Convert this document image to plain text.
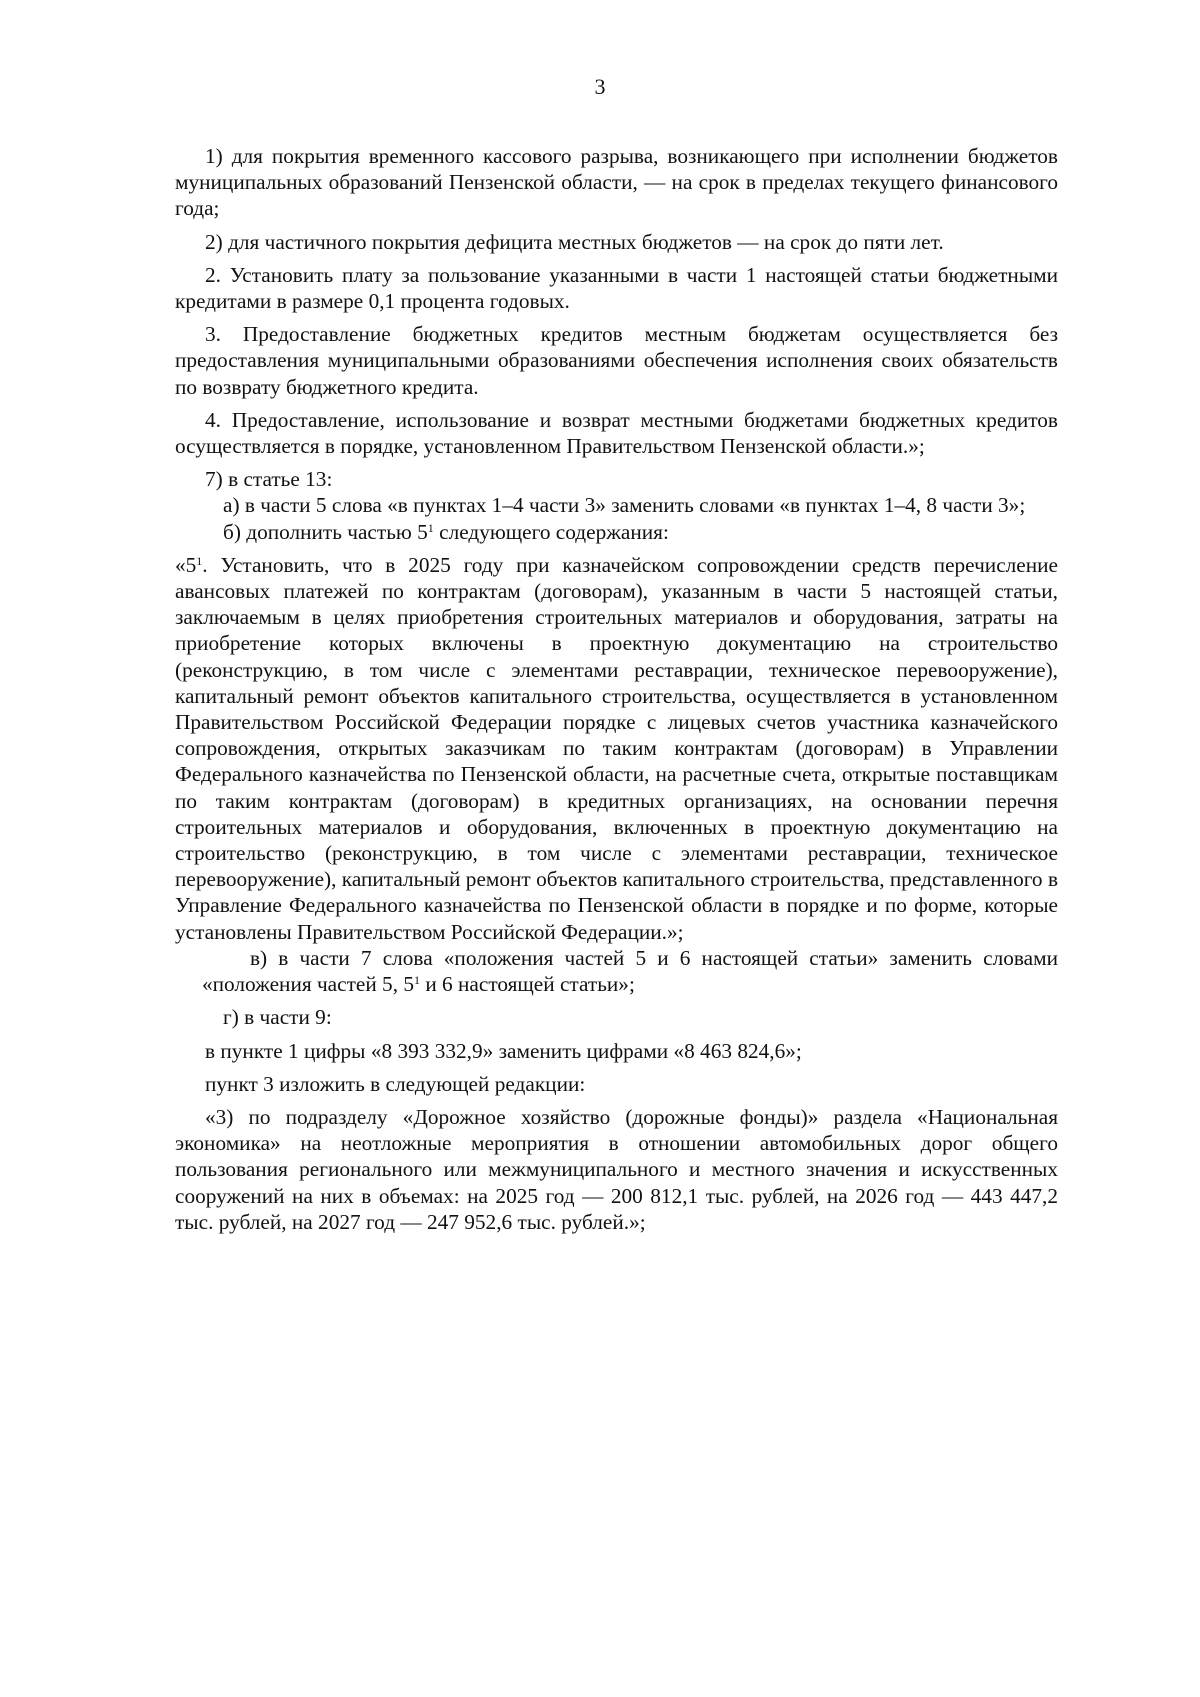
3

1) для покрытия временного кассового разрыва, возникающего при исполнении бюджетов муниципальных образований Пензенской области, — на срок в пределах текущего финансового года;

2) для частичного покрытия дефицита местных бюджетов — на срок до пяти лет.

2. Установить плату за пользование указанными в части 1 настоящей статьи бюджетными кредитами в размере 0,1 процента годовых.

3. Предоставление бюджетных кредитов местным бюджетам осуществляется без предоставления муниципальными образованиями обеспечения исполнения своих обязательств по возврату бюджетного кредита.

4. Предоставление, использование и возврат местными бюджетами бюджетных кредитов осуществляется в порядке, установленном Правительством Пензенской области.»;

7) в статье 13:

а) в части 5 слова «в пунктах 1–4 части 3» заменить словами «в пунктах 1–4, 8 части 3»;

б) дополнить частью $5^1$ следующего содержания:

«$5^1$. Установить, что в 2025 году при казначейском сопровождении средств перечисление авансовых платежей по контрактам (договорам), указанным в части 5 настоящей статьи, заключаемым в целях приобретения строительных материалов и оборудования, затраты на приобретение которых включены в проектную документацию на строительство (реконструкцию, в том числе с элементами реставрации, техническое перевооружение), капитальный ремонт объектов капитального строительства, осуществляется в установленном Правительством Российской Федерации порядке с лицевых счетов участника казначейского сопровождения, открытых заказчикам по таким контрактам (договорам) в Управлении Федерального казначейства по Пензенской области, на расчетные счета, открытые поставщикам по таким контрактам (договорам) в кредитных организациях, на основании перечня строительных материалов и оборудования, включенных в проектную документацию на строительство (реконструкцию, в том числе с элементами реставрации, техническое перевооружение), капитальный ремонт объектов капитального строительства, представленного в Управление Федерального казначейства по Пензенской области в порядке и по форме, которые установлены Правительством Российской Федерации.»;

в) в части 7 слова «положения частей 5 и 6 настоящей статьи» заменить словами «положения частей 5, $5^1$ и 6 настоящей статьи»;

г) в части 9:

в пункте 1 цифры «8 393 332,9» заменить цифрами «8 463 824,6»;

пункт 3 изложить в следующей редакции:

«3) по подразделу «Дорожное хозяйство (дорожные фонды)» раздела «Национальная экономика» на неотложные мероприятия в отношении автомобильных дорог общего пользования регионального или межмуниципального и местного значения и искусственных сооружений на них в объемах: на 2025 год — 200 812,1 тыс. рублей, на 2026 год — 443 447,2 тыс. рублей, на 2027 год — 247 952,6 тыс. рублей.»;
